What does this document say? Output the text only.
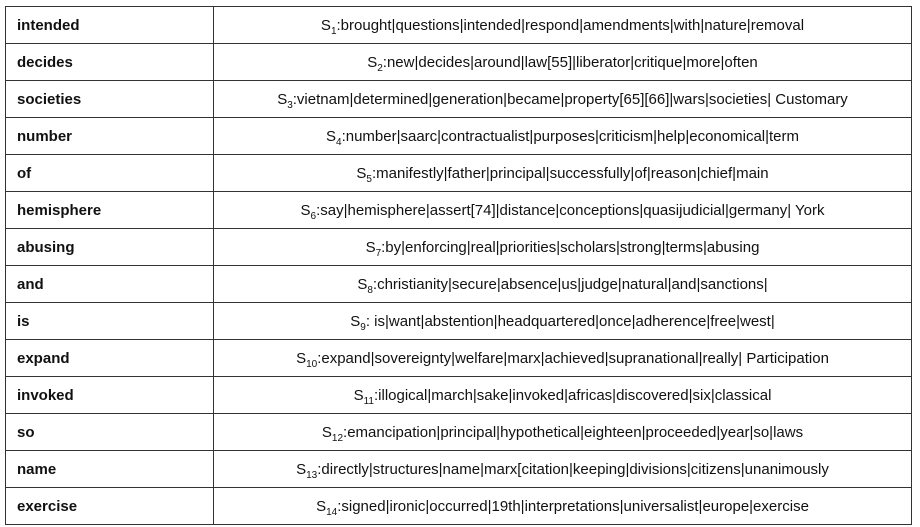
intended	$S_1:brought|questions|intended|respond|amendments|with|nature|removal$
decides	$S_2:new|decides|around|law[55]|liberator|critique|more|often$
societies	$S_3:vietnam|determined|generation|became|property[65][66]|wars|societies|$ Customary
number	$S_4:number|saarc|contractualist|purposes|criticism|help|economical|term$
of	$S_5:manifestly|father|principal|successfully|of|reason|chief|main$
hemisphere	$S_6:say|hemisphere|assert[74]|distance|conceptions|quasijudicial|germany|$ York
abusing	$S_7:by|enforcing|real|priorities|scholars|strong|terms|abusing$
and	$S_8:christianity|secure|absence|us|judge|natural|and|sanctions|$
is	$S_9$: is|want|abstention|headquartered|once|adherence|free|west|
expand	$S_{10}:expand|sovereignty|welfare|marx|achieved|supranational|really|$ Participation
invoked	$S_{11}:illogical|march|sake|invoked|africas|discovered|six|classical$
so	$S_{12}:emancipation|principal|hypothetical|eighteen|proceeded|year|so|laws$
name	$S_{13}:directly|structures|name|marx[citation|keeping|divisions|citizens|unanimously$
exercise	$S_{14}:signed|ironic|occurred|19th|interpretations|universalist|europe|exercise$
